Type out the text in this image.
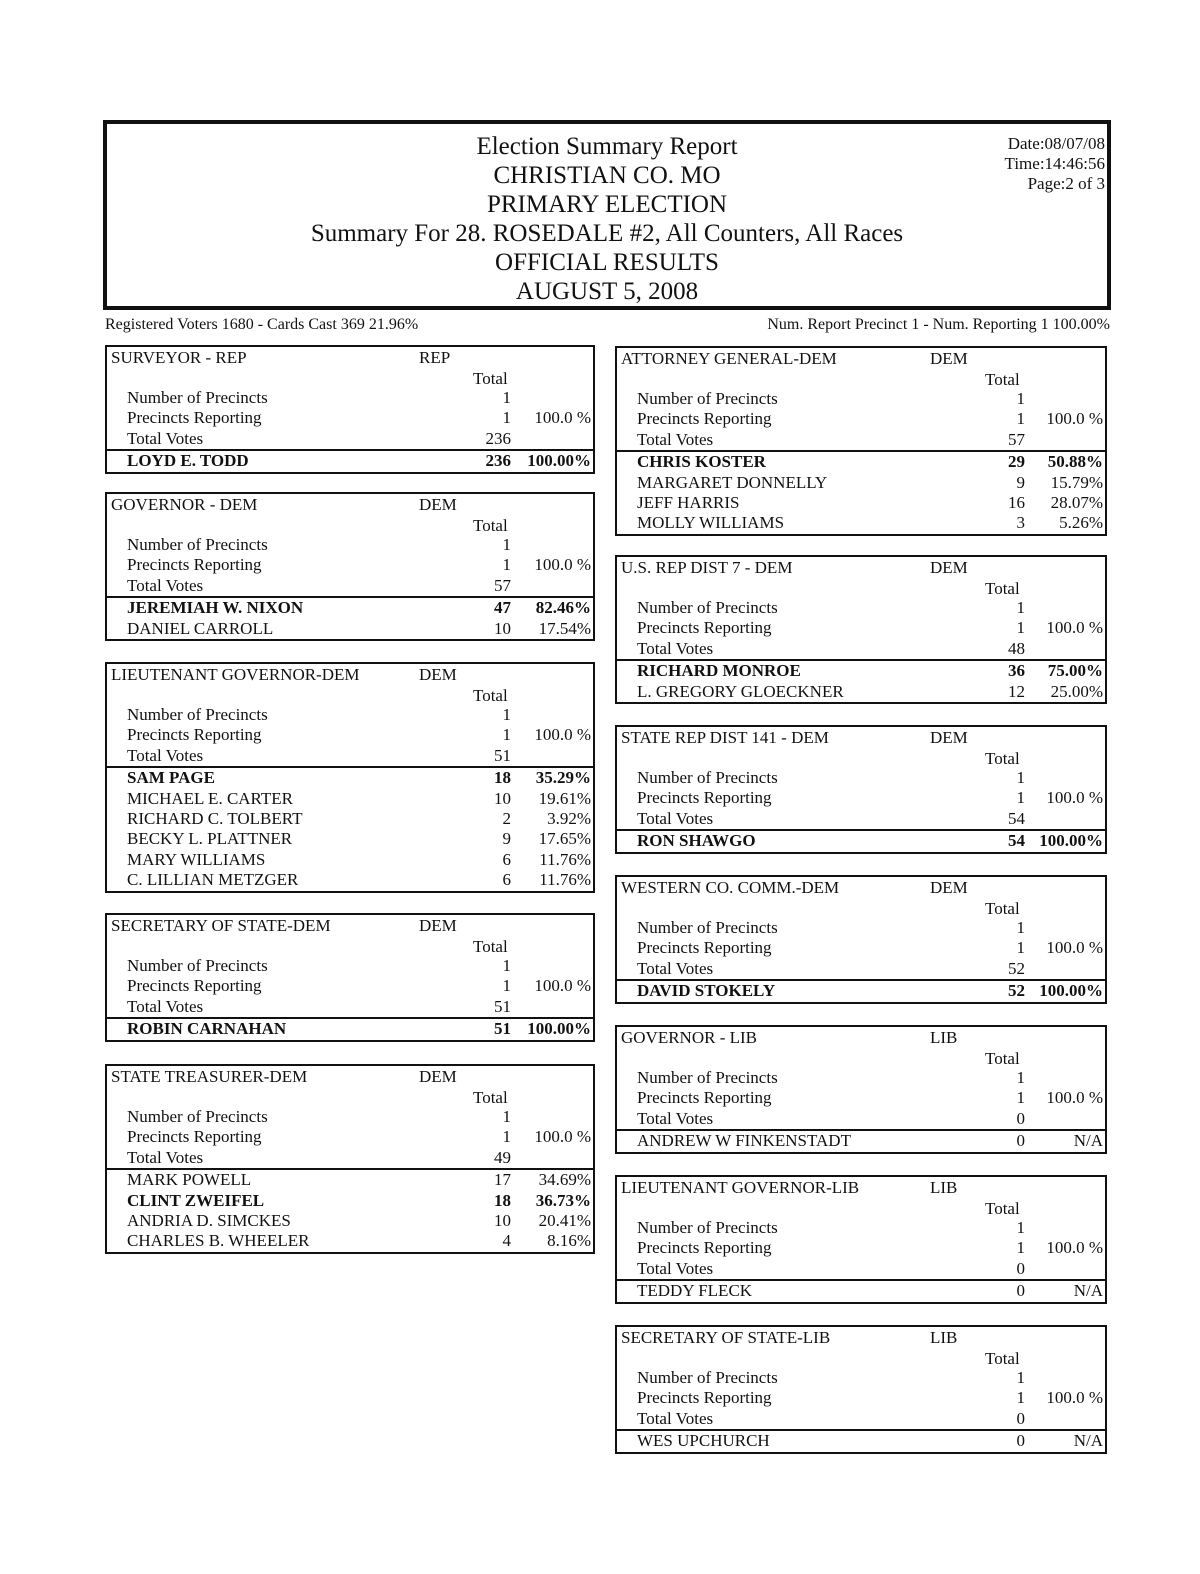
Election Summary Report
CHRISTIAN CO. MO
PRIMARY ELECTION
Summary For 28. ROSEDALE #2, All Counters, All Races
OFFICIAL RESULTS
AUGUST 5, 2008
Date:08/07/08
Time:14:46:56
Page:2 of 3
Registered Voters 1680 - Cards Cast 369 21.96%	Num. Report Precinct 1 - Num. Reporting 1 100.00%
SURVEYOR - REP	REP
Total
Number of Precincts	1
Precincts Reporting	1	100.0 %
Total Votes	236
LOYD E. TODD	236 100.00%
GOVERNOR - DEM	DEM
Total
Number of Precincts	1
Precincts Reporting	1	100.0 %
Total Votes	57
JEREMIAH W. NIXON	47	82.46%
DANIEL CARROLL	10	17.54%
LIEUTENANT GOVERNOR-DEM	DEM
Total
Number of Precincts	1
Precincts Reporting	1	100.0 %
Total Votes	51
SAM PAGE	18	35.29%
MICHAEL E. CARTER	10	19.61%
RICHARD C. TOLBERT	2	3.92%
BECKY L. PLATTNER	9	17.65%
MARY WILLIAMS	6	11.76%
C. LILLIAN METZGER	6	11.76%
SECRETARY OF STATE-DEM	DEM
Total
Number of Precincts	1
Precincts Reporting	1	100.0 %
Total Votes	51
ROBIN CARNAHAN	51 100.00%
STATE TREASURER-DEM	DEM
Total
Number of Precincts	1
Precincts Reporting	1	100.0 %
Total Votes	49
MARK POWELL	17	34.69%
CLINT ZWEIFEL	18	36.73%
ANDRIA D. SIMCKES	10	20.41%
CHARLES B. WHEELER	4	8.16%
ATTORNEY GENERAL-DEM	DEM
Total
Number of Precincts	1
Precincts Reporting	1	100.0 %
Total Votes	57
CHRIS KOSTER	29	50.88%
MARGARET DONNELLY	9	15.79%
JEFF HARRIS	16	28.07%
MOLLY WILLIAMS	3	5.26%
U.S. REP DIST 7 - DEM	DEM
Total
Number of Precincts	1
Precincts Reporting	1	100.0 %
Total Votes	48
RICHARD MONROE	36	75.00%
L. GREGORY GLOECKNER	12	25.00%
STATE REP DIST 141 - DEM	DEM
Total
Number of Precincts	1
Precincts Reporting	1	100.0 %
Total Votes	54
RON SHAWGO	54 100.00%
WESTERN CO. COMM.-DEM	DEM
Total
Number of Precincts	1
Precincts Reporting	1	100.0 %
Total Votes	52
DAVID STOKELY	52 100.00%
GOVERNOR - LIB	LIB
Total
Number of Precincts	1
Precincts Reporting	1	100.0 %
Total Votes	0
ANDREW W FINKENSTADT	0	N/A
LIEUTENANT GOVERNOR-LIB	LIB
Total
Number of Precincts	1
Precincts Reporting	1	100.0 %
Total Votes	0
TEDDY FLECK	0	N/A
SECRETARY OF STATE-LIB	LIB
Total
Number of Precincts	1
Precincts Reporting	1	100.0 %
Total Votes	0
WES UPCHURCH	0	N/A
